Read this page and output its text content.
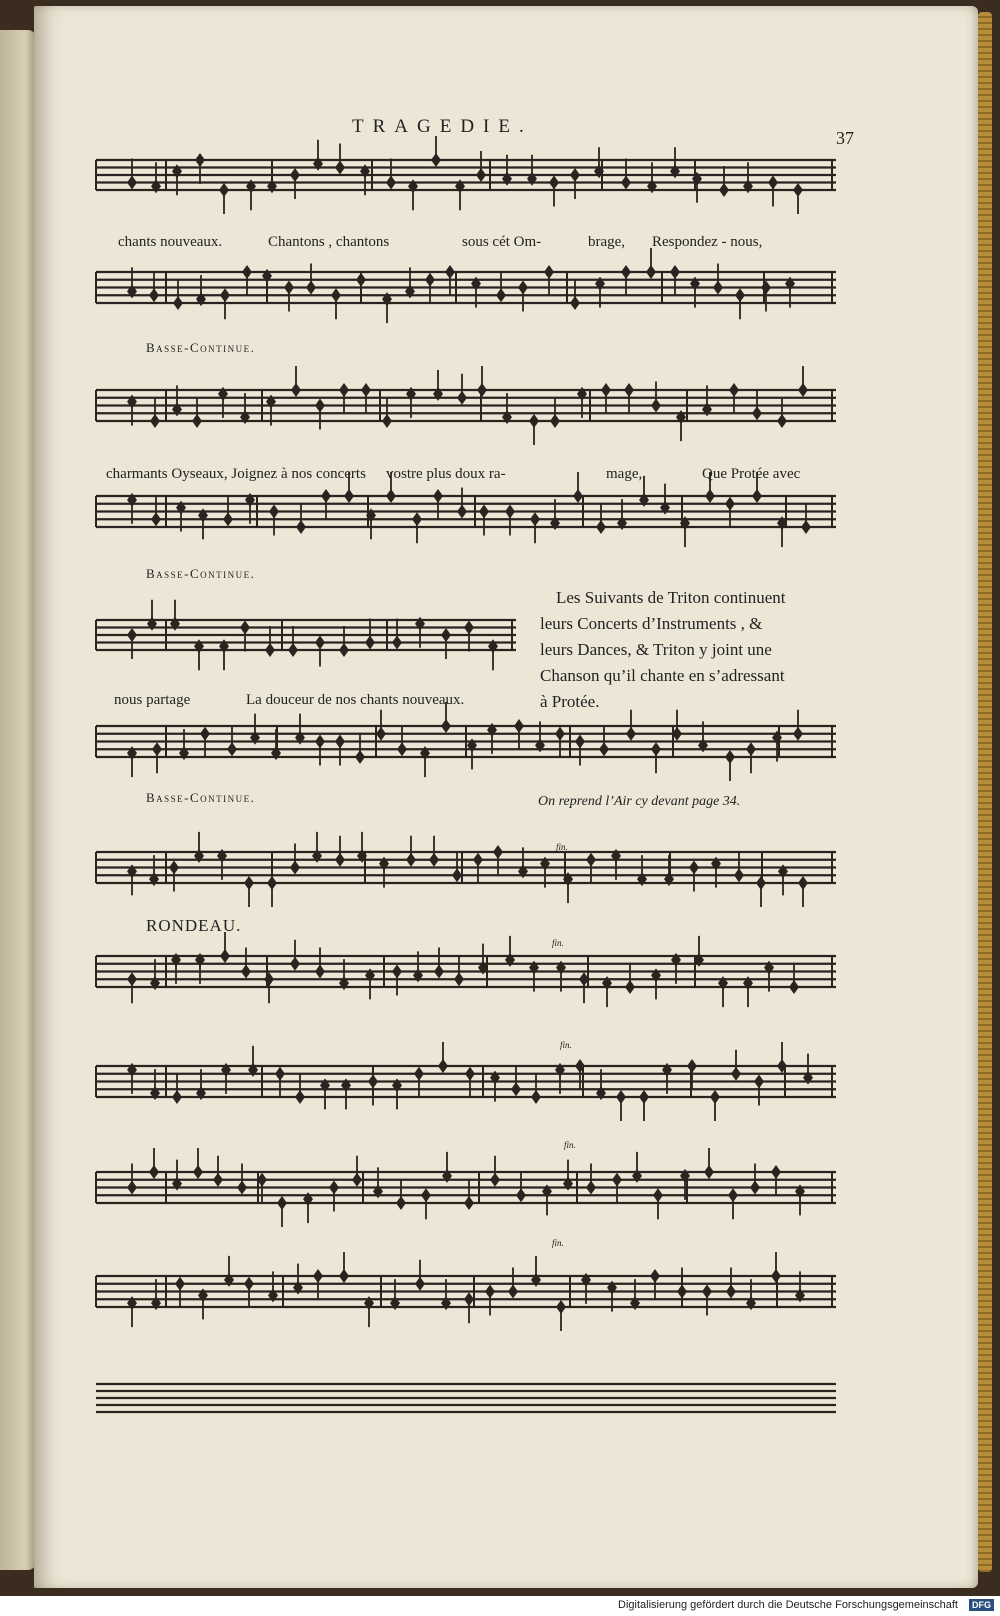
TRAGEDIE.
37
chants nouveaux.	Chantons , chantons	sous cét Om-	brage, Respondez - nous,
Basse-Continue.
charmants Oyseaux, Joignez à nos concerts vostre plus doux ra-	mage,	Que Protée avec
Basse-Continue.
nous partage	La douceur de nos chants nouveaux.
Les Suivants de Triton continuent
leurs Concerts d’Instruments , &
leurs Dances, & Triton y joint une
Chanson qu’il chante en s’adressant
à Protée.
Basse-Continue.	On reprend l’Air cy devant page 34.
fin.
RONDEAU.
fin.
fin.
fin.
fin.
Digitalisierung gefördert durch die Deutsche Forschungsgemeinschaft	DFG
